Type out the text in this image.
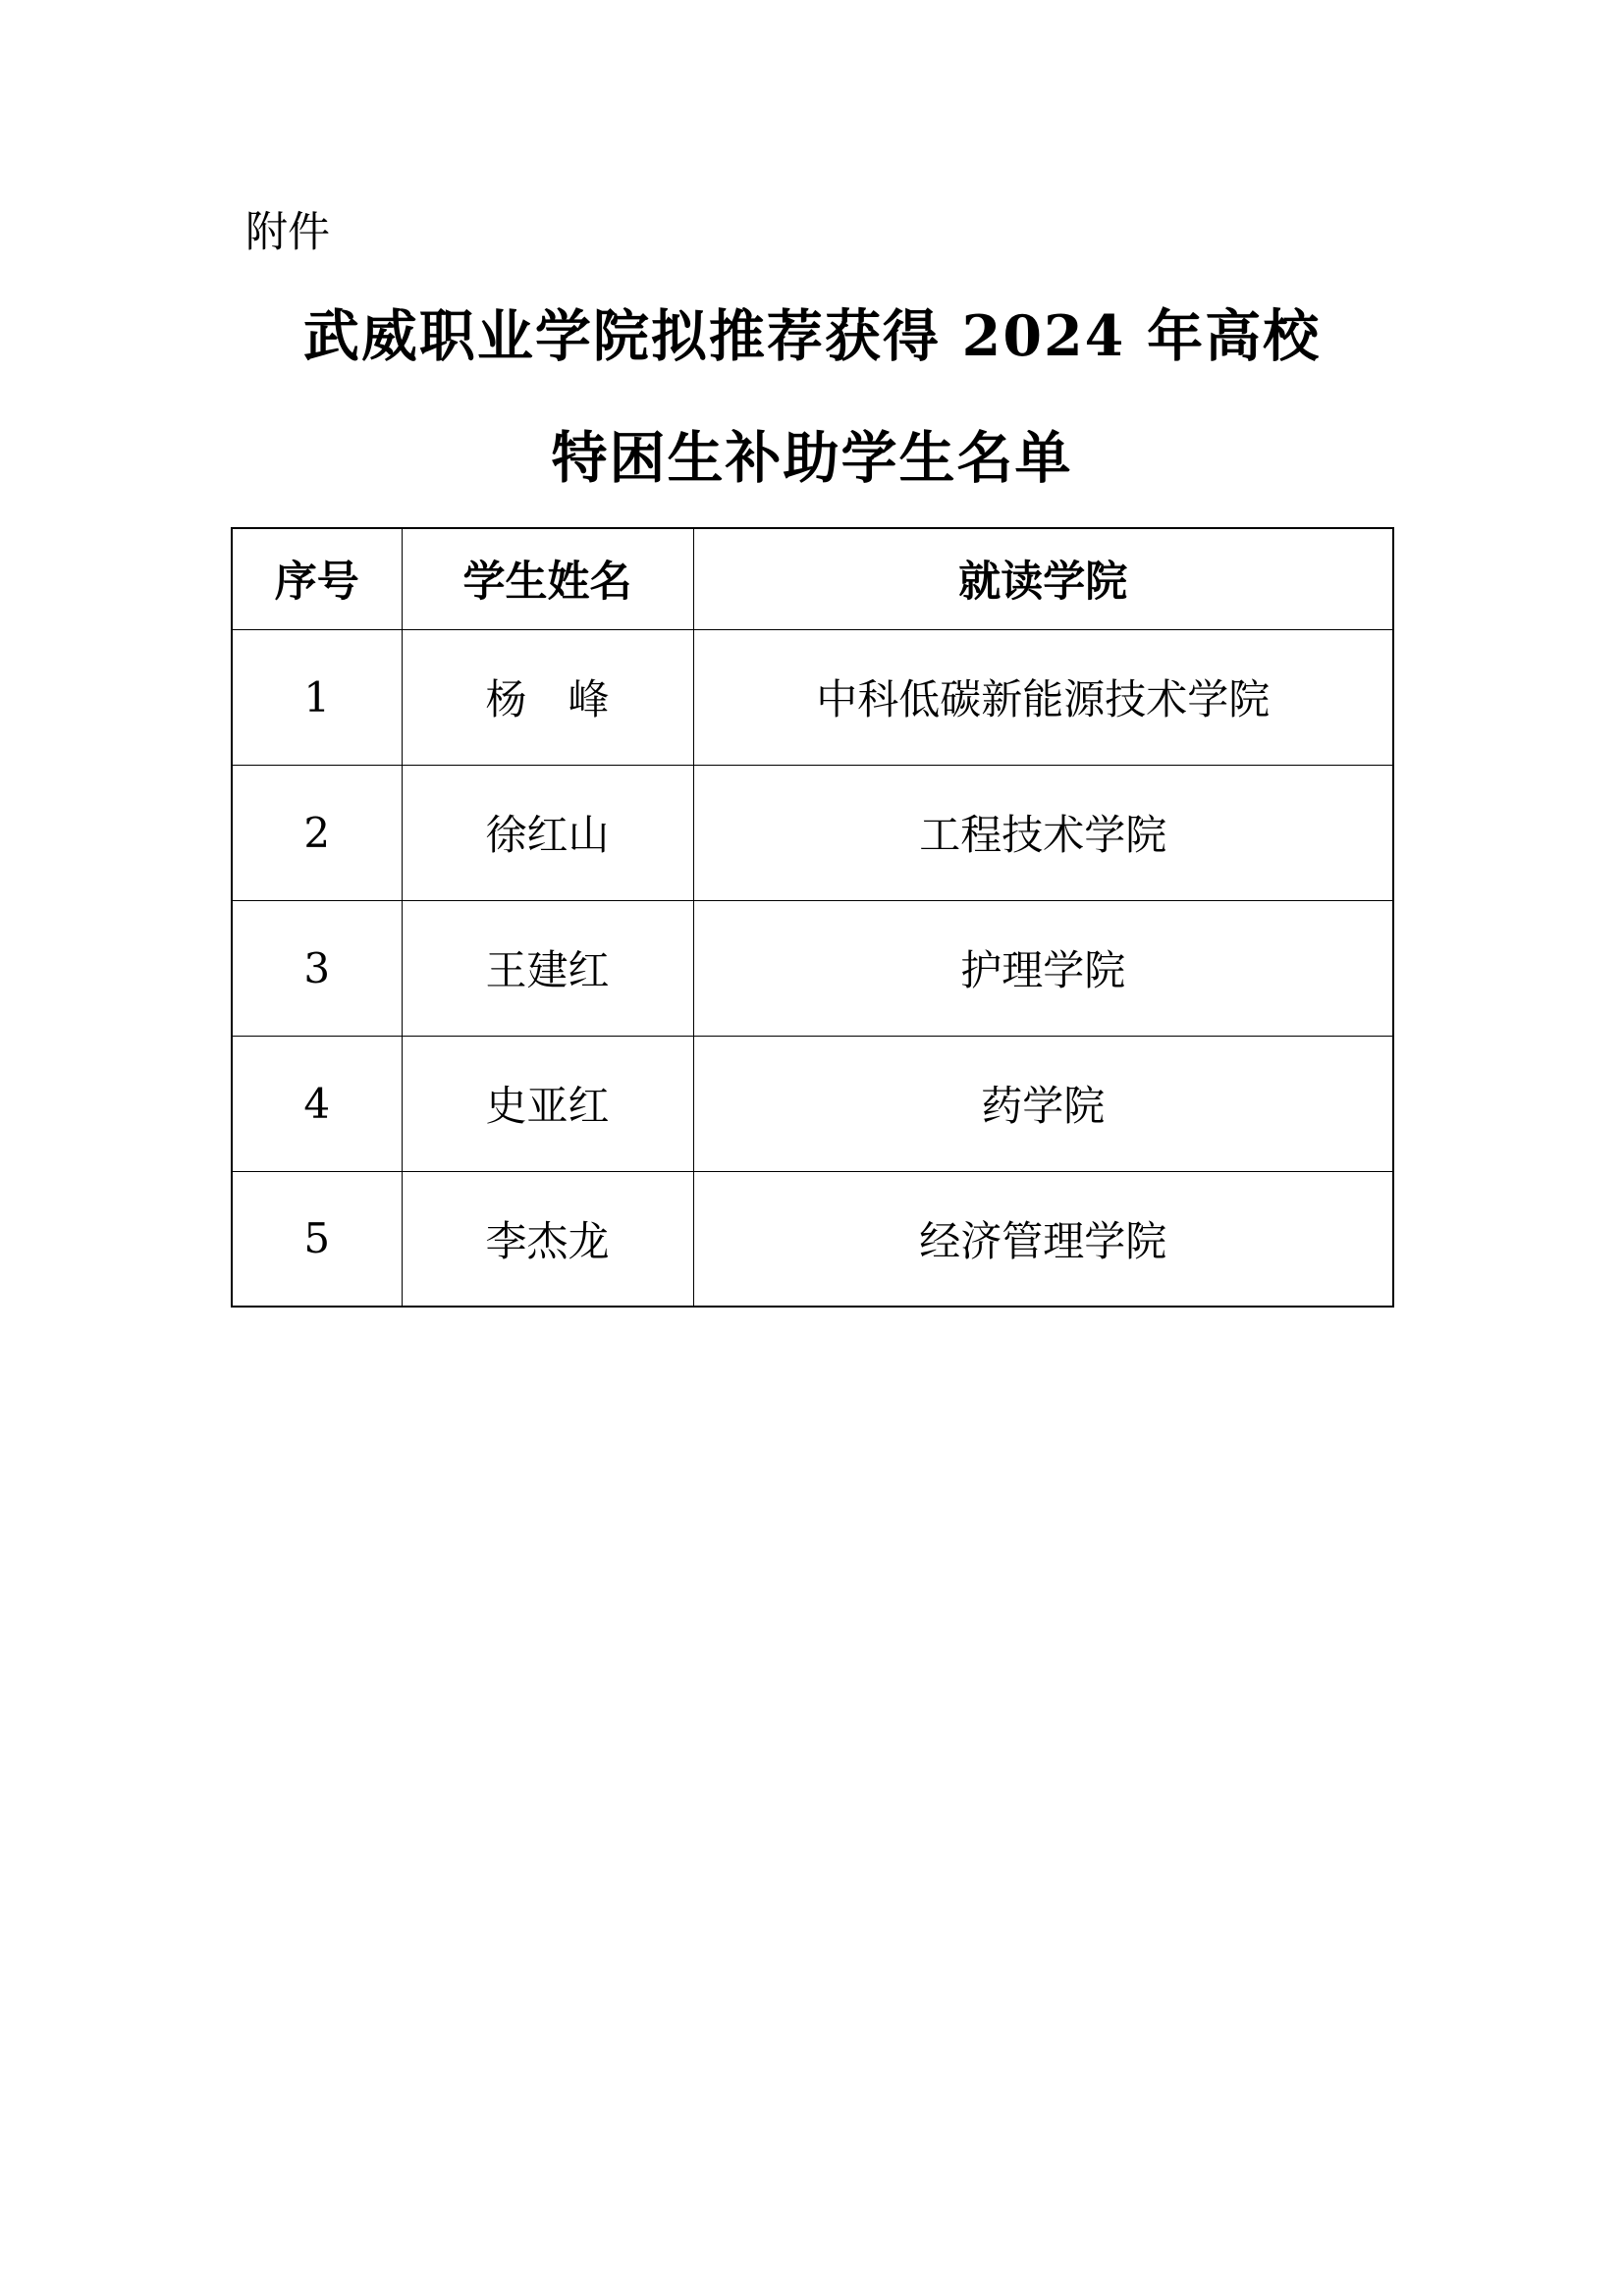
附件
武威职业学院拟推荐获得 2024 年高校
特困生补助学生名单
序号	学生姓名	就读学院
1	杨　峰	中科低碳新能源技术学院
2	徐红山	工程技术学院
3	王建红	护理学院
4	史亚红	药学院
5	李杰龙	经济管理学院
